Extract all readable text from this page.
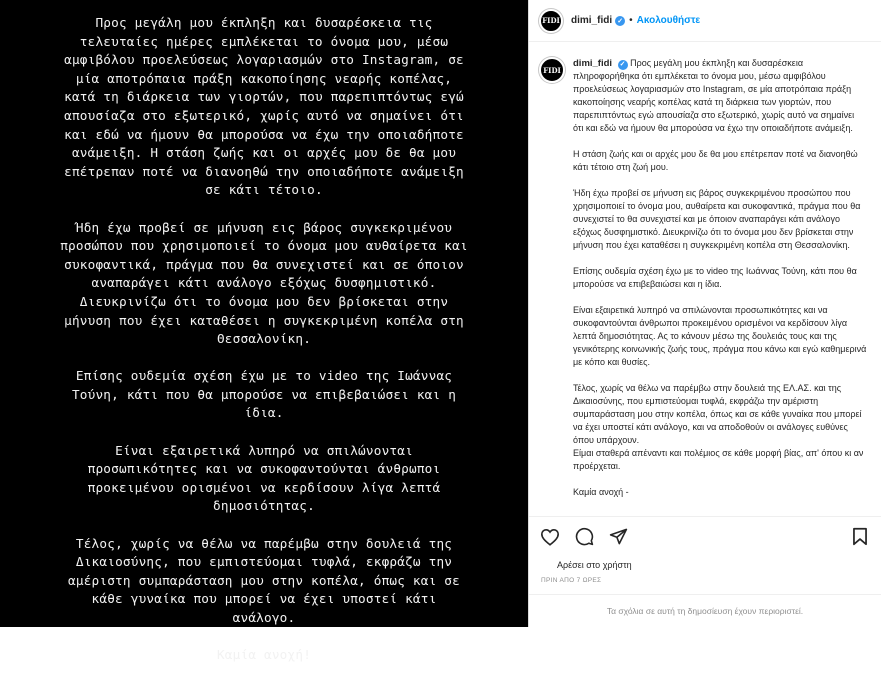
Προς μεγάλη μου έκπληξη και δυσαρέσκεια τις
τελευταίες ημέρες εμπλέκεται το όνομα μου, μέσω
αμφιβόλου προελεύσεως λογαριασμών στο Instagram, σε
μία αποτρόπαια πράξη κακοποίησης νεαρής κοπέλας,
κατά τη διάρκεια των γιορτών, που παρεπιπτόντως εγώ
απουσίαζα στο εξωτερικό, χωρίς αυτό να σημαίνει ότι
και εδώ να ήμουν θα μπορούσα να έχω την οποιαδήποτε
ανάμειξη. Η στάση ζωής και οι αρχές μου δε θα μου
επέτρεπαν ποτέ να διανοηθώ την οποιαδήποτε ανάμειξη
σε κάτι τέτοιο.

Ήδη έχω προβεί σε μήνυση εις βάρος συγκεκριμένου
προσώπου που χρησιμοποιεί το όνομα μου αυθαίρετα και
συκοφαντικά, πράγμα που θα συνεχιστεί και σε όποιον
αναπαράγει κάτι ανάλογο εξόχως δυσφημιστικό.
Διευκρινίζω ότι το όνομα μου δεν βρίσκεται στην
μήνυση που έχει καταθέσει η συγκεκριμένη κοπέλα στη
Θεσσαλονίκη.

Επίσης ουδεμία σχέση έχω με το video της Ιωάννας
Τούνη, κάτι που θα μπορούσε να επιβεβαιώσει και η
ίδια.

Είναι εξαιρετικά λυπηρό να σπιλώνονται
προσωπικότητες και να συκοφαντούνται άνθρωποι
προκειμένου ορισμένοι να κερδίσουν λίγα λεπτά
δημοσιότητας.

Τέλος, χωρίς να θέλω να παρέμβω στην δουλειά της
Δικαιοσύνης, που εμπιστεύομαι τυφλά, εκφράζω την
αμέριστη συμπαράσταση μου στην κοπέλα, όπως και σε
κάθε γυναίκα που μπορεί να έχει υποστεί κάτι
ανάλογο.

Καμία ανοχή!

FIDI dimi_fidi ✓ • Ακολουθήστε
FIDI
dimi_fidi ✓ Προς μεγάλη μου έκπληξη και δυσαρέσκεια πληροφορήθηκα ότι εμπλέκεται το όνομα μου, μέσω αμφιβόλου προελεύσεως λογαριασμών στο Instagram, σε μία αποτρόπαια πράξη κακοποίησης νεαρής κοπέλας κατά τη διάρκεια των γιορτών, που παρεπιπτόντως εγώ απουσίαζα στο εξωτερικό, χωρίς αυτό να σημαίνει ότι και εδώ να ήμουν θα μπορούσα να έχω την οποιαδήποτε ανάμειξη.
Η στάση ζωής και οι αρχές μου δε θα μου επέτρεπαν ποτέ να διανοηθώ κάτι τέτοιο στη ζωή μου.
Ήδη έχω προβεί σε μήνυση εις βάρος συγκεκριμένου προσώπου που χρησιμοποιεί το όνομα μου, αυθαίρετα και συκοφαντικά, πράγμα που θα συνεχιστεί το θα συνεχιστεί και με όποιον αναπαράγει κάτι ανάλογο εξόχως δυσφημιστικό. Διευκρινίζω ότι το όνομα μου δεν βρίσκεται στην μήνυση που έχει καταθέσει η συγκεκριμένη κοπέλα στη Θεσσαλονίκη.
Επίσης ουδεμία σχέση έχω με το video της Ιωάννας Τούνη, κάτι που θα μπορούσε να επιβεβαιώσει και η ίδια.
Είναι εξαιρετικά λυπηρό να σπιλώνονται προσωπικότητες και να συκοφαντούνται άνθρωποι προκειμένου ορισμένοι να κερδίσουν λίγα λεπτά δημοσιότητας. Ας το κάνουν μέσω της δουλειάς τους και της γενικότερης κοινωνικής ζωής τους, πράγμα που κάνω και εγώ καθημερινά με κόπο και θυσίες.
Τέλος, χωρίς να θέλω να παρέμβω στην δουλειά της ΕΛ.ΑΣ. και της Δικαιοσύνης, που εμπιστεύομαι τυφλά, εκφράζω την αμέριστη συμπαράσταση μου στην κοπέλα, όπως και σε κάθε γυναίκα που μπορεί να έχει υποστεί κάτι ανάλογο, και να αποδοθούν οι ανάλογες ευθύνες όπου υπάρχουν.
Είμαι σταθερά απέναντι και πολέμιος σε κάθε μορφή βίας, απ' όπου κι αν προέρχεται.
Καμία ανοχή -
Αρέσει στο χρήστη
ΠΡΙΝ ΑΠΟ 7 ΩΡΕΣ
Τα σχόλια σε αυτή τη δημοσίευση έχουν περιοριστεί.
